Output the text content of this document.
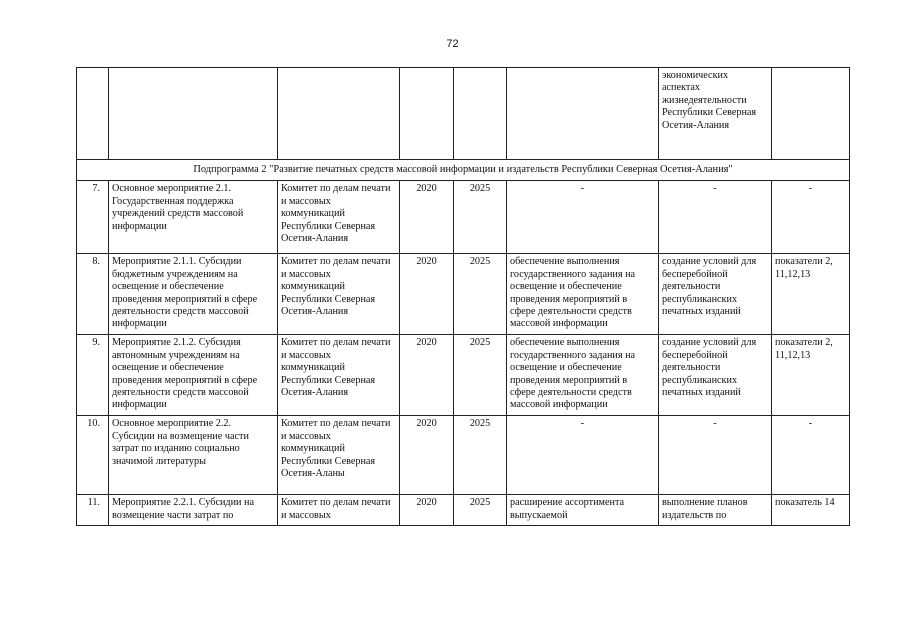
72
						экономических аспектах жизнедеятельности Республики Северная Осетия-Алания	
Подпрограмма 2 "Развитие печатных средств массовой информации и издательств Республики Северная Осетия-Алания"							
7.	Основное мероприятие 2.1. Государственная поддержка учреждений средств массовой информации	Комитет по делам печати и массовых коммуникаций Республики Северная Осетия-Алания	2020	2025	-	-	-
8.	Мероприятие 2.1.1. Субсидии бюджетным учреждениям на освещение и обеспечение проведения мероприятий в сфере деятельности средств массовой информации	Комитет по делам печати и массовых коммуникаций Республики Северная Осетия-Алания	2020	2025	обеспечение выполнения государственного задания на освещение и обеспечение проведения мероприятий в сфере деятельности средств массовой информации	создание условий для бесперебойной деятельности республиканских печатных изданий	показатели 2, 11,12,13
9.	Мероприятие 2.1.2. Субсидия автономным учреждениям на освещение и обеспечение проведения мероприятий в сфере деятельности средств массовой информации	Комитет по делам печати и массовых коммуникаций Республики Северная Осетия-Алания	2020	2025	обеспечение выполнения государственного задания на освещение и обеспечение проведения мероприятий в сфере деятельности средств массовой информации	создание условий для бесперебойной деятельности республиканских печатных изданий	показатели 2, 11,12,13
10.	Основное мероприятие 2.2. Субсидии на возмещение части затрат по изданию социально значимой литературы	Комитет по делам печати и массовых коммуникаций Республики Северная Осетия-Аланы	2020	2025	-	-	-
11.	Мероприятие 2.2.1. Субсидии на возмещение части затрат по	Комитет по делам печати и массовых	2020	2025	расширение ассортимента выпускаемой	выполнение планов издательств по	показатель 14
